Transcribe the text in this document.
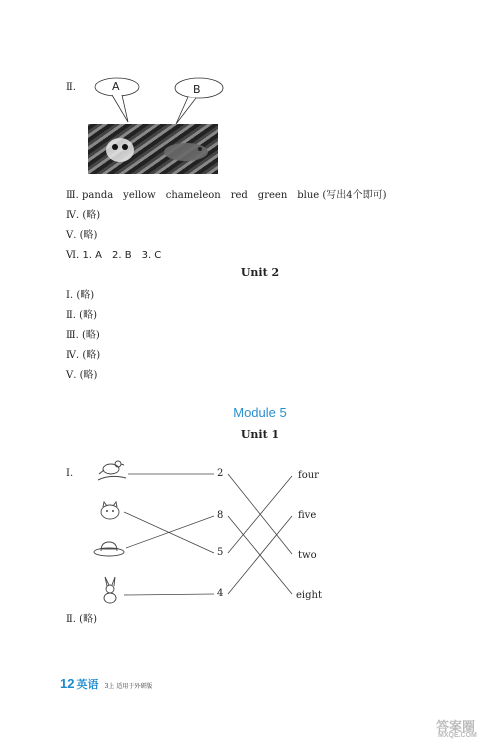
Ⅱ.	A	B
Ⅲ. panda　yellow　chameleon　red　green　blue (写出4个即可)
Ⅳ. (略)
Ⅴ. (略)
Ⅵ. 1. A　2. B　3. C
Unit 2
Ⅰ. (略)
Ⅱ. (略)
Ⅲ. (略)
Ⅳ. (略)
Ⅴ. (略)
Module 5
Unit 1
Ⅰ.	2
8
5
4
four
five
two
eight
Ⅱ. (略)
12 英语 3上 适用于外研版
答案圈
MXQE.COM
